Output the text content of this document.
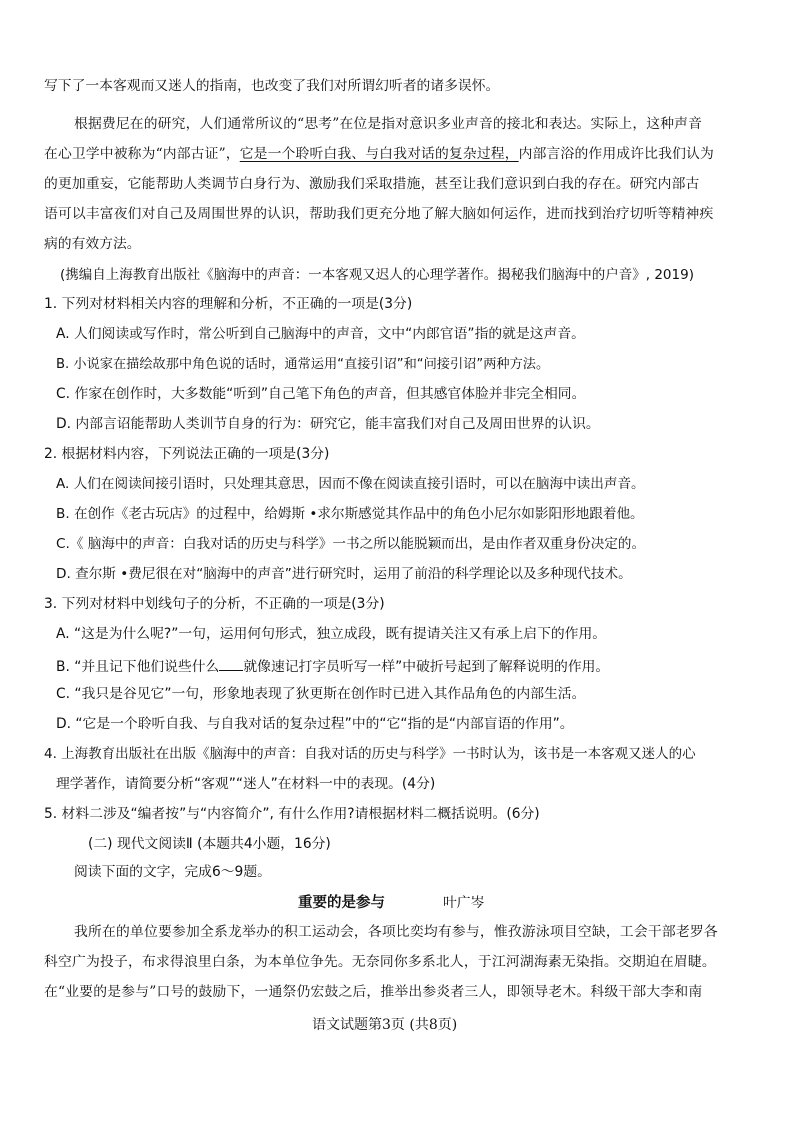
写下了一本客观而又迷人的指南，也改变了我们对所谓幻听者的诸多误怀。
根据费尼在的研究，人们通常所议的“思考”在位是指对意识多业声音的接北和表达。实际上，这种声音
在心卫学中被称为“内部古证”，它是一个聆听白我、与白我对话的复杂过程，内部言浴的作用成许比我们认为
的更加重妄，它能帮助人类调节白身行为、激励我们采取措施，甚至让我们意识到白我的存在。研究内部古
语可以丰富夜们对自己及周围世界的认识，帮助我们更充分地了解大脑如何运作，进而找到治疗切听等精神疾
病的有效方法。
(携编自上海教育出版社《脑海中的声音：一本客观又迟人的心理学著作。揭秘我们脑海中的户音》, 2019)
1. 下列对材料相关内容的理解和分析，不正确的一项是(3分)
A. 人们阅读或写作时，常公听到自己脑海中的声音，文中“内郎官语”指的就是这声音。
B. 小说家在描绘故那中角色说的话时，通常运用“直接引诏”和“问接引诏”两种方法。
C. 作家在创作时，大多数能“听到”自己笔下角色的声音，但其感官体脸并非完全相同。
D. 内部言诏能帮助人类训节自身的行为：研究它，能丰富我们对自己及周田世界的认识。
2. 根据材料内容，下列说法正确的一项是(3分)
A. 人们在阅读间接引语时，只处理其意思，因而不像在阅读直接引语时，可以在脑海中读出声音。
B. 在创作《老古玩店》的过程中，给姆斯 •求尔斯感觉其作品中的角色小尼尔如影阳形地跟着他。
C.《 脑海中的声音：白我对话的历史与科学》一书之所以能脱颖而出，是由作者双重身份决定的。
D. 查尔斯 •费尼很在对“脑海中的声音”进行研究时，运用了前沿的科学理论以及多种现代技术。
3. 下列对材料中划线句子的分析，不正确的一项是(3分)
A. “这是为什么呢?”一句，运用何句形式，独立成段，既有提请关注又有承上启下的作用。
B. “并且记下他们说些什么 就像速记打字员听写一样”中破折号起到了解释说明的作用。
C. “我只是谷见它”一句，形象地表现了狄更斯在创作时已进入其作品角色的内部生活。
D. “它是一个聆听自我、与自我对话的复杂过程”中的“它“指的是“内部盲语的作用”。
4. 上海教育出版社在出版《脑海中的声音：自我对话的历史与科学》一书时认为，该书是一本客观又迷人的心
理学著作，请简要分析“客观”“迷人”在材料一中的表现。(4分)
5. 材料二涉及“编者按”与“内容简介”, 有什么作用?请根据材料二概括说明。(6分)
(二) 现代文阅读Ⅱ (本题共4小题，16分)
阅读下面的文字，完成6～9题。
重要的是参与	叶广岑
我所在的单位要参加全系龙举办的积工运动会，各项比奕均有参与，惟孜游泳项目空缺，工会干部老罗各
科空广为投子，布求得浪里白条，为本单位争先。无奈同你多系北人，于江河湖海素无染指。交期迫在眉睫。
在“业要的是参与”口号的鼓励下，一通祭仍宏鼓之后，推举出参炎者三人，即领导老木。科级干部大李和南
语文试题第3页 (共8页)
